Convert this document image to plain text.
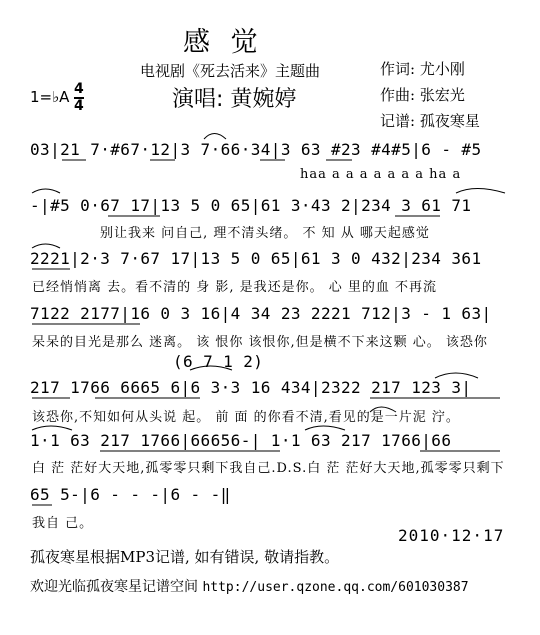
感 觉
电视剧《死去活来》主题曲	作词: 尤小刚
演唱: 黄婉婷	作曲: 张宏光
记谱: 孤夜寒星
1=♭A 4
4
03|21 7·#67·12|3 7·66·34|3 63 #23 #4#5|6 - #5
haa a a a a a a a ha a
-|#5 0·67 17|13 5 0 65|61 3·43 2|234 3 61 71
别让我来 问自己, 理不清头绪。 不 知 从 哪天起感觉
2221|2·3 7·67 17|13 5 0 65|61 3 0 432|234 361
已经悄悄离 去。看不清的 身 影, 是我还是你。 心 里的血 不再流
7122 2177|16 0 3 16|4 34 23 2221 712|3 - 1 63|
呆呆的目光是那么 迷离。 该 恨你 该恨你,但是横不下来这颗 心。 该恐你
(6 7 1 2)
217 1766 6665 6|6 3·3 16 434|2322 217 123 3|
该恐你,不知如何从头说 起。 前 面 的你看不清,看见的是一片泥 泞。
1·1 63 217 1766|66656-| 1·1 63 217 1766|66
白 茫 茫好大天地,孤零零只剩下我自己.D.S.白 茫 茫好大天地,孤零零只剩下
65 5-|6 - - -|6 - -‖
我自 己。
2010·12·17
孤夜寒星根据MP3记谱, 如有错误, 敬请指教。
欢迎光临孤夜寒星记谱空间 http://user.qzone.qq.com/601030387
